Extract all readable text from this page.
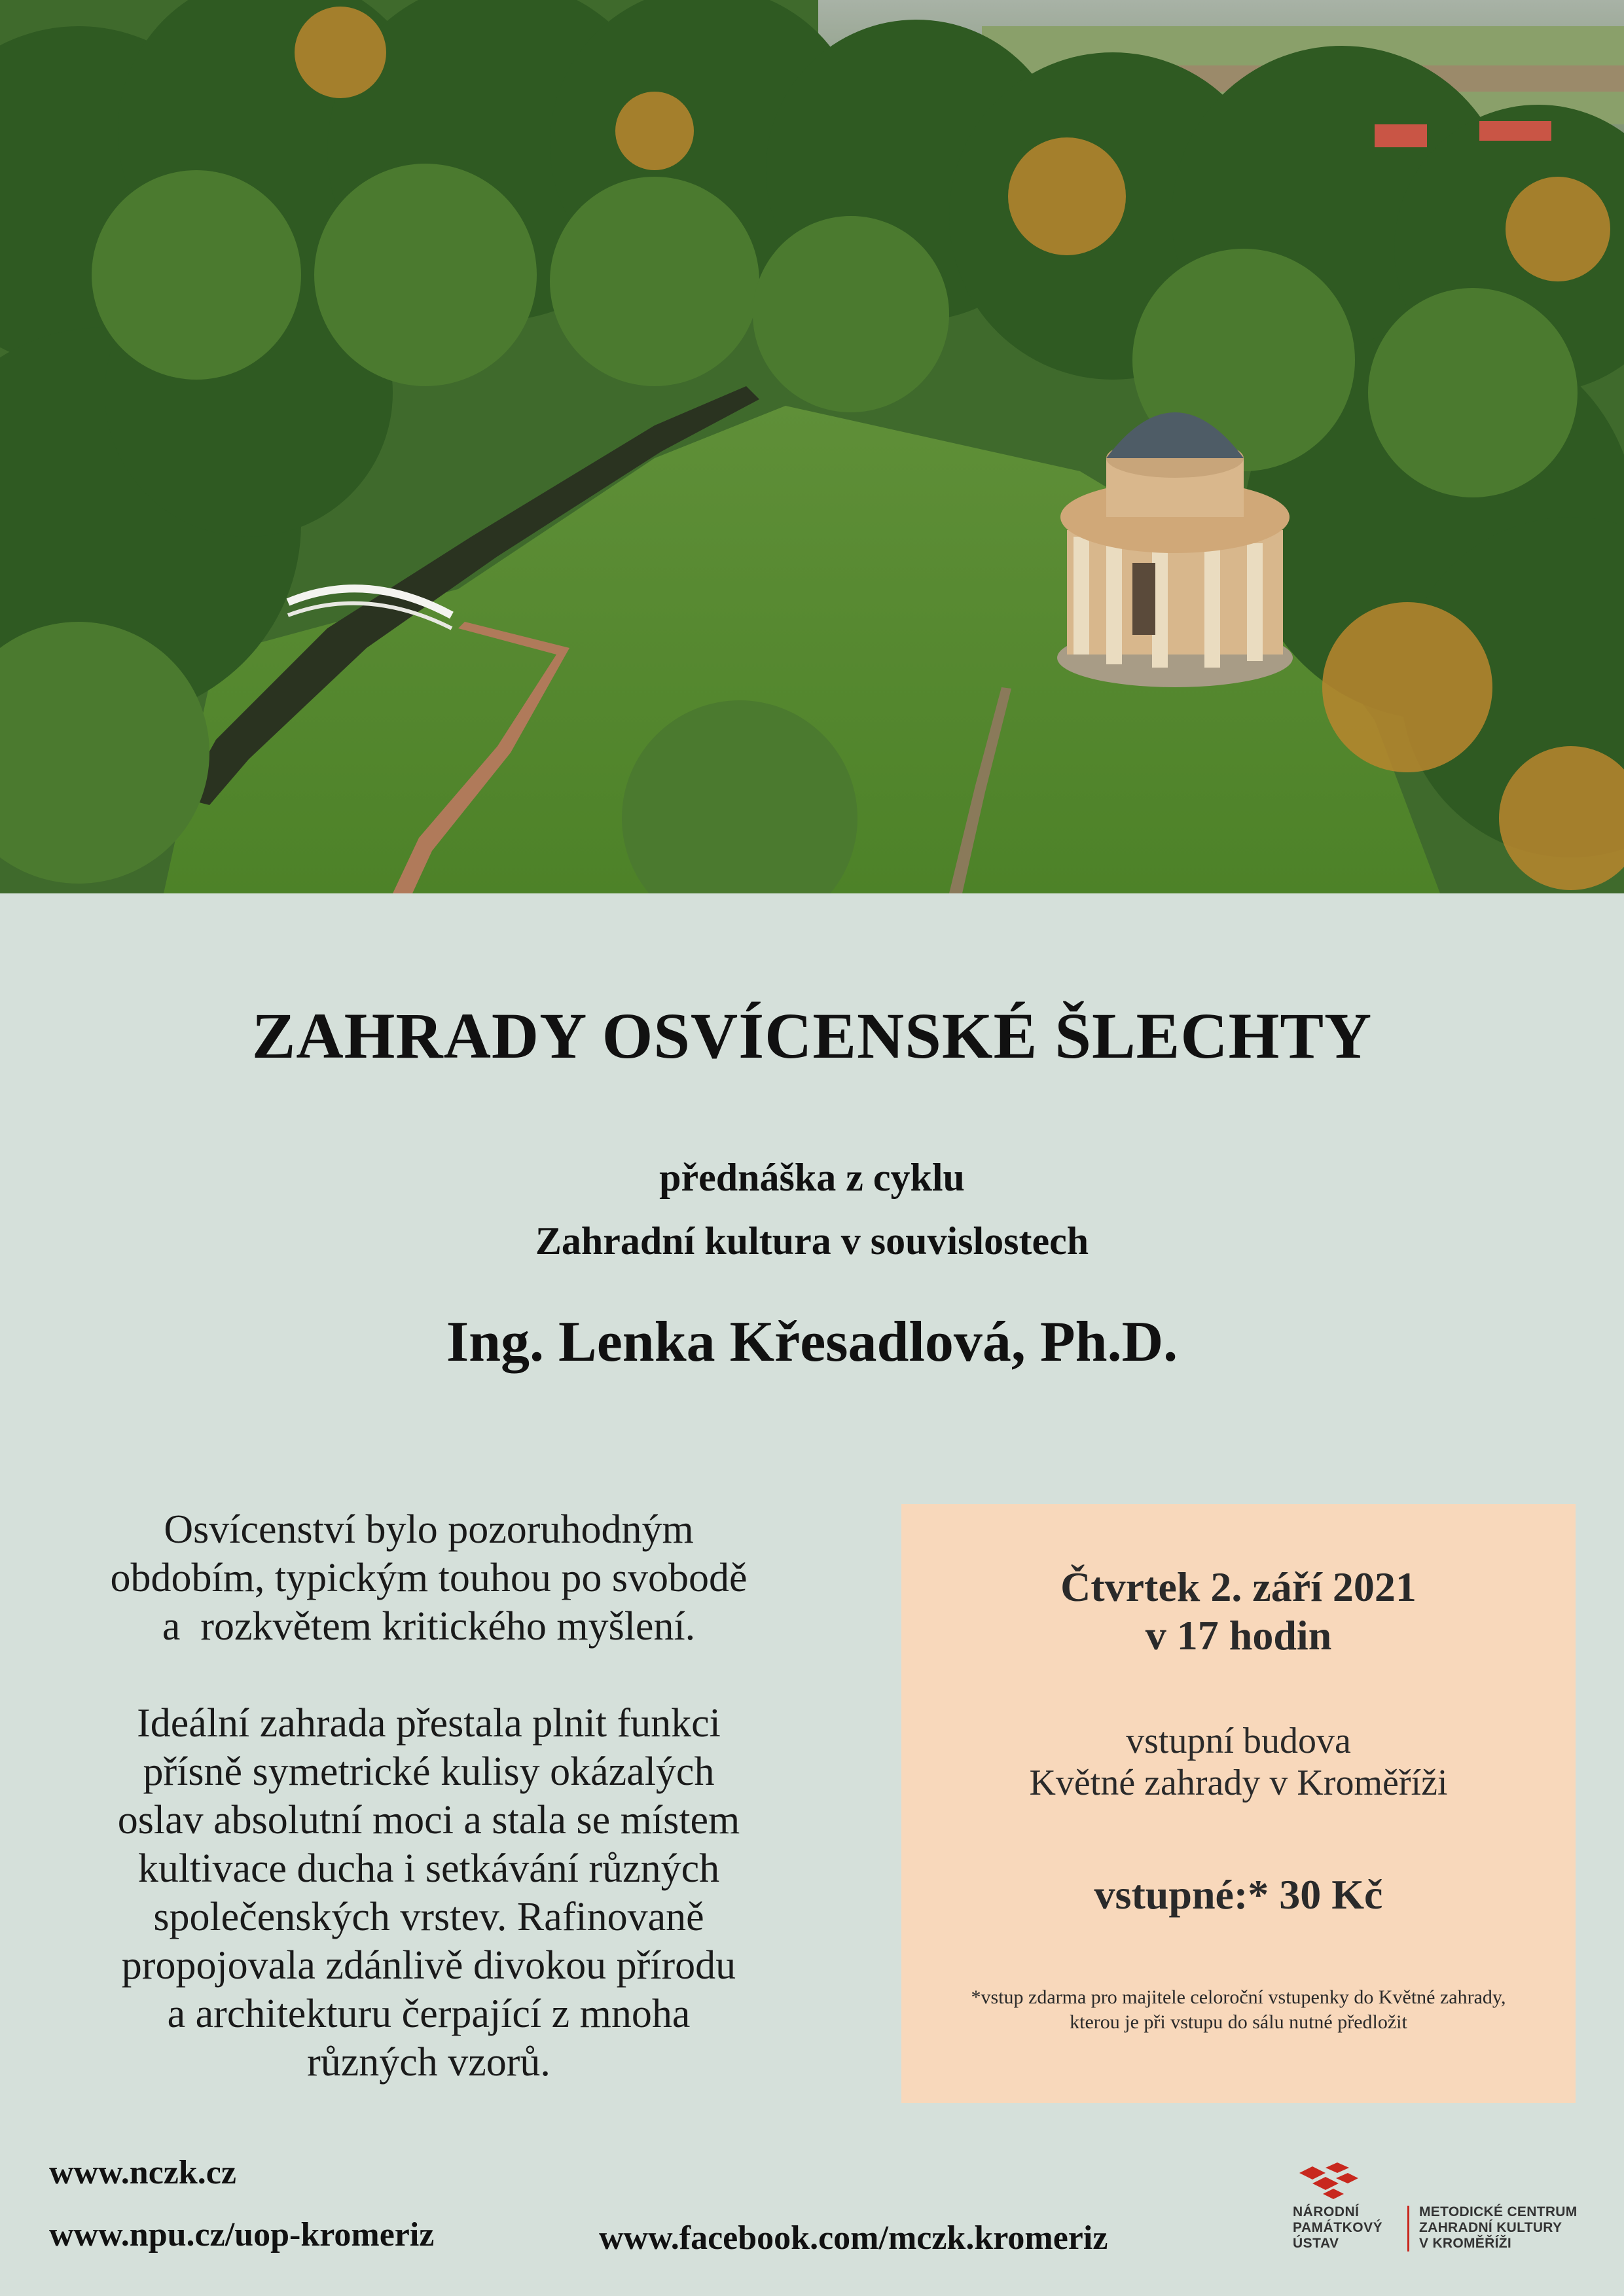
ZAHRADY OSVÍCENSKÉ ŠLECHTY
přednáška z cyklu
Zahradní kultura v souvislostech
Ing. Lenka Křesadlová, Ph.D.

Osvícenství bylo pozoruhodným
obdobím, typickým touhou po svobodě
a  rozkvětem kritického myšlení.

Ideální zahrada přestala plnit funkci
přísně symetrické kulisy okázalých
oslav absolutní moci a stala se místem
kultivace ducha i setkávání různých
společenských vrstev. Rafinovaně
propojovala zdánlivě divokou přírodu
a architekturu čerpající z mnoha
různých vzorů.

Čtvrtek 2. září 2021
v 17 hodin
vstupní budova
Květné zahrady v Kroměříži
vstupné:* 30 Kč
*vstup zdarma pro majitele celoroční vstupenky do Květné zahrady,
kterou je při vstupu do sálu nutné předložit
www.nczk.cz
www.npu.cz/uop-kromeriz	www.facebook.com/mczk.kromeriz
NÁRODNÍ
PAMÁTKOVÝ
ÚSTAV
METODICKÉ CENTRUM
ZAHRADNÍ KULTURY
V KROMĚŘÍŽI
